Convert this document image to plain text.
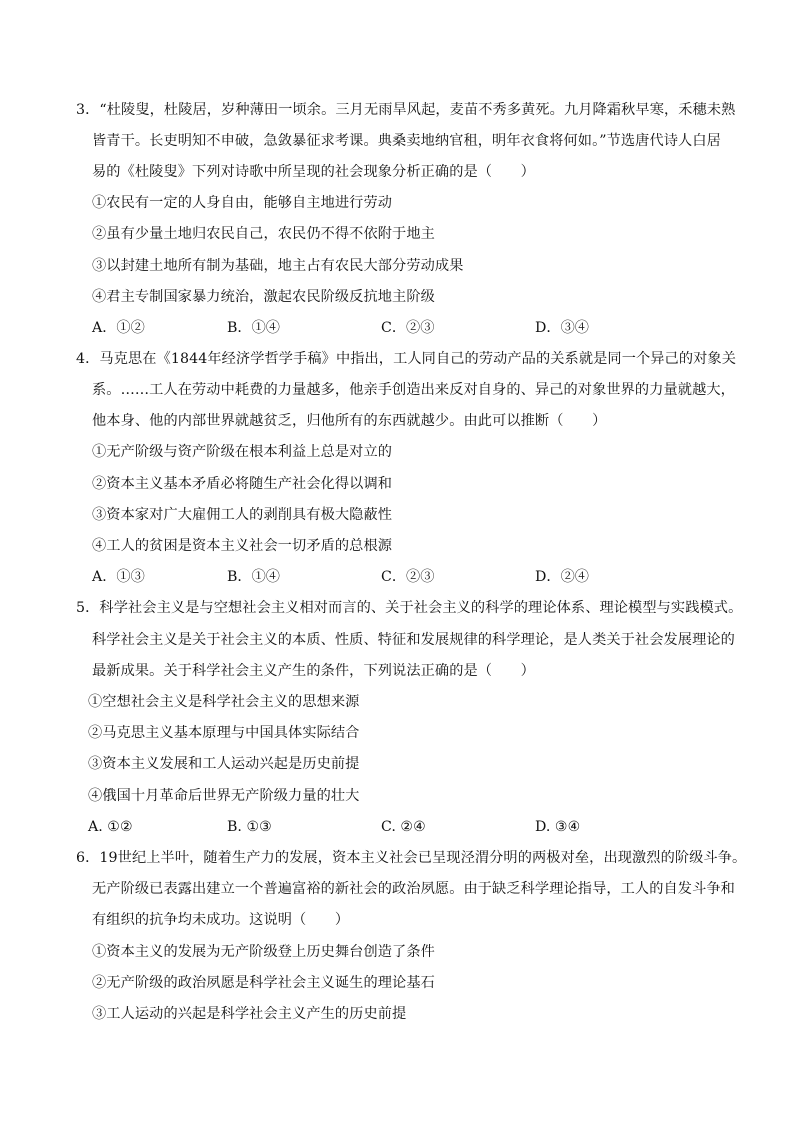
3．“杜陵叟，杜陵居，岁种薄田一顷余。三月无雨旱风起，麦苗不秀多黄死。九月降霜秋早寒，禾穗未熟
皆青干。长吏明知不申破，急敛暴征求考课。典桑卖地纳官租，明年衣食将何如。”节选唐代诗人白居
易的《杜陵叟》下列对诗歌中所呈现的社会现象分析正确的是（　　）
①农民有一定的人身自由，能够自主地进行劳动
②虽有少量土地归农民自己，农民仍不得不依附于地主
③以封建土地所有制为基础，地主占有农民大部分劳动成果
④君主专制国家暴力统治，激起农民阶级反抗地主阶级
A．①②	B．①④	C．②③	D．③④
4．马克思在《1844年经济学哲学手稿》中指出，工人同自己的劳动产品的关系就是同一个异己的对象关
系。……工人在劳动中耗费的力量越多，他亲手创造出来反对自身的、异己的对象世界的力量就越大，
他本身、他的内部世界就越贫乏，归他所有的东西就越少。由此可以推断（　　）
①无产阶级与资产阶级在根本利益上总是对立的
②资本主义基本矛盾必将随生产社会化得以调和
③资本家对广大雇佣工人的剥削具有极大隐蔽性
④工人的贫困是资本主义社会一切矛盾的总根源
A．①③	B．①④	C．②③	D．②④
5．科学社会主义是与空想社会主义相对而言的、关于社会主义的科学的理论体系、理论模型与实践模式。
科学社会主义是关于社会主义的本质、性质、特征和发展规律的科学理论，是人类关于社会发展理论的
最新成果。关于科学社会主义产生的条件，下列说法正确的是（　　）
①空想社会主义是科学社会主义的思想来源
②马克思主义基本原理与中国具体实际结合
③资本主义发展和工人运动兴起是历史前提
④俄国十月革命后世界无产阶级力量的壮大
A. ①②	B. ①③	C. ②④	D. ③④
6．19世纪上半叶，随着生产力的发展，资本主义社会已呈现泾渭分明的两极对垒，出现激烈的阶级斗争。
无产阶级已表露出建立一个普遍富裕的新社会的政治夙愿。由于缺乏科学理论指导，工人的自发斗争和
有组织的抗争均未成功。这说明（　　）
①资本主义的发展为无产阶级登上历史舞台创造了条件
②无产阶级的政治夙愿是科学社会主义诞生的理论基石
③工人运动的兴起是科学社会主义产生的历史前提
